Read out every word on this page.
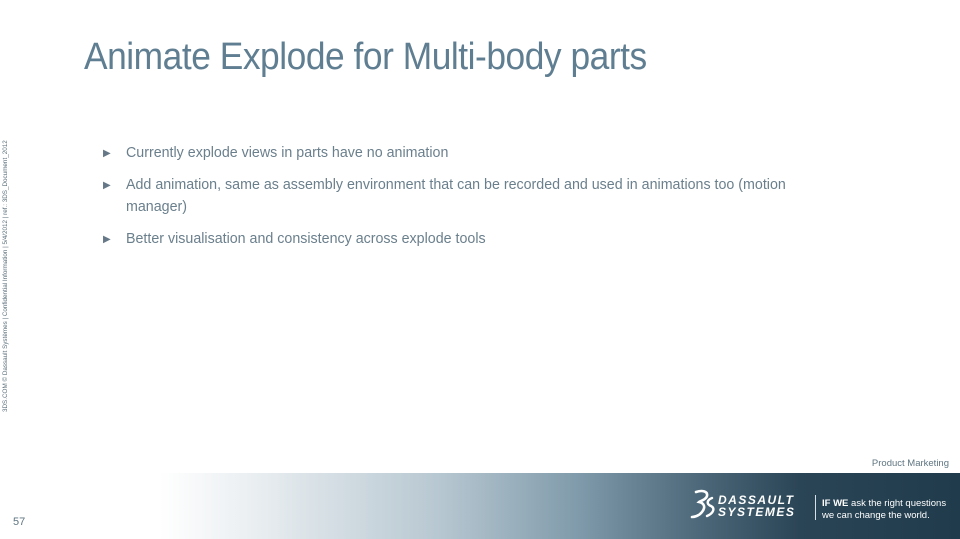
Animate Explode for Multi-body parts
3DS.COM © Dassault Systèmes | Confidential Information | 5/4/2012 | ref.: 3DS_Document_2012	▶ Currently explode views in parts have no animation
▶ Add animation, same as assembly environment that can be recorded and used in animations too (motion manager)
▶ Better visualisation and consistency across explode tools
Product Marketing
57
DASSAULT
SYSTEMES
IF WE ask the right questions
we can change the world.
